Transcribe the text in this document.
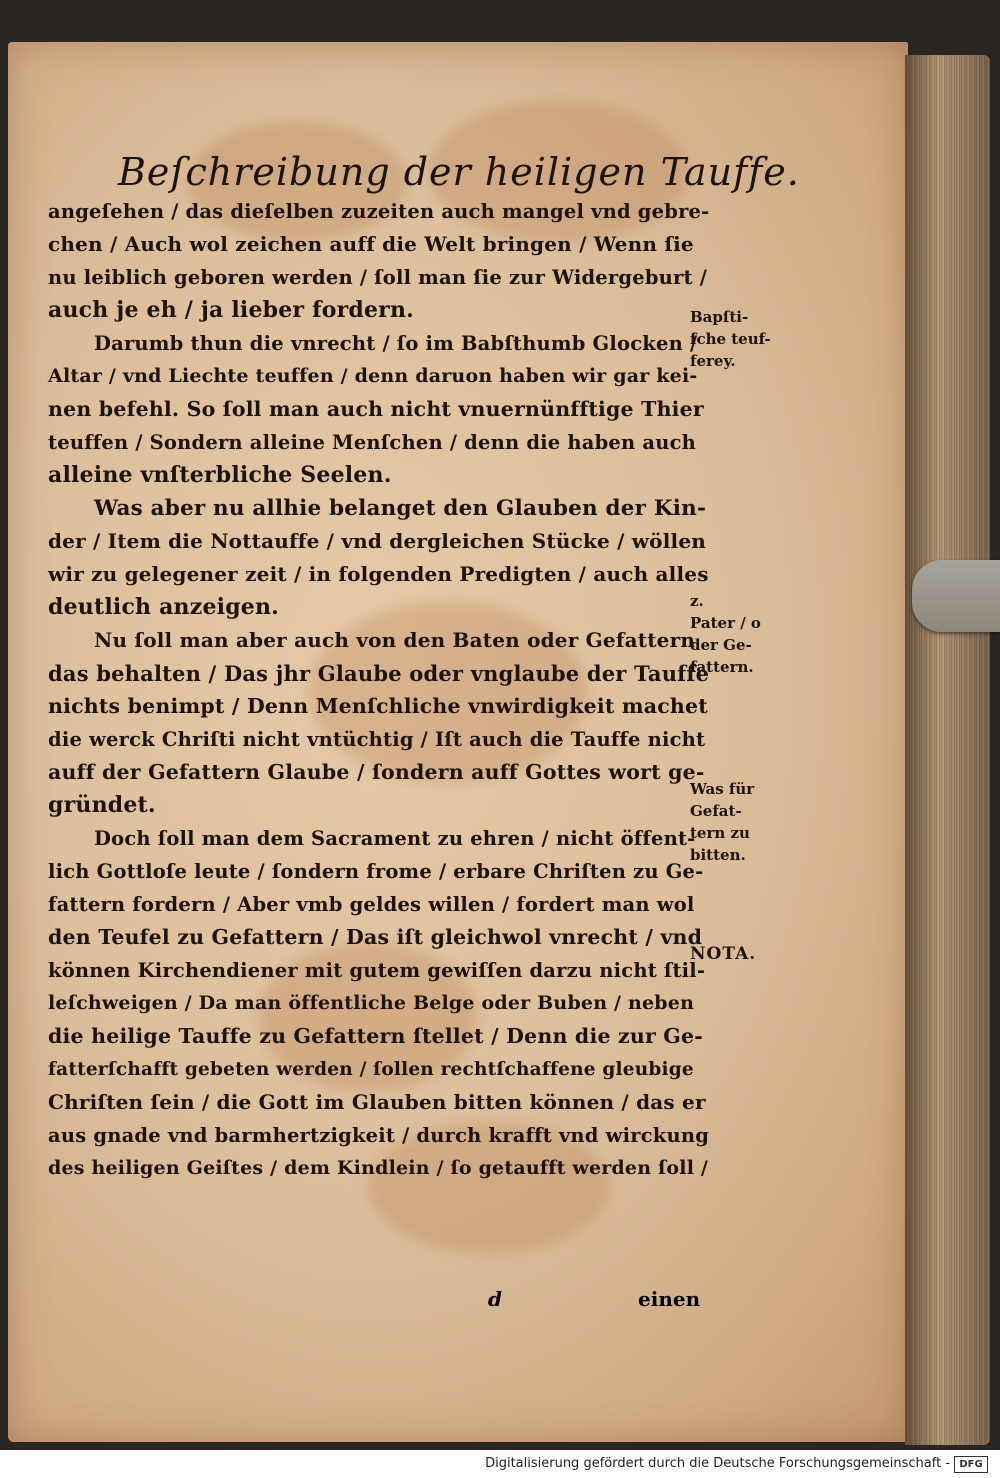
Beſchreibung der heiligen Tauffe.
angeſehen / das dieſelben zuzeiten auch mangel vnd gebre-
chen / Auch wol zeichen auff die Welt bringen / Wenn ſie
nu leiblich geboren werden / ſoll man ſie zur Widergeburt /
auch je eh / ja lieber fordern.
Darumb thun die vnrecht / ſo im Babſthumb Glocken /
Altar / vnd Liechte teuffen / denn daruon haben wir gar kei-
nen befehl. So ſoll man auch nicht vnuernünfftige Thier
teuffen / Sondern alleine Menſchen / denn die haben auch
alleine vnſterbliche Seelen.
Was aber nu allhie belanget den Glauben der Kin-
der / Item die Nottauffe / vnd dergleichen Stücke / wöllen
wir zu gelegener zeit / in folgenden Predigten / auch alles
deutlich anzeigen.
Nu ſoll man aber auch von den Baten oder Gefattern
das behalten / Das jhr Glaube oder vnglaube der Tauffe
nichts benimpt / Denn Menſchliche vnwirdigkeit machet
die werck Chriſti nicht vntüchtig / Iſt auch die Tauffe nicht
auff der Gefattern Glaube / ſondern auff Gottes wort ge-
gründet.
Doch ſoll man dem Sacrament zu ehren / nicht öffent-
lich Gottloſe leute / ſondern frome / erbare Chriſten zu Ge-
fattern fordern / Aber vmb geldes willen / fordert man wol
den Teufel zu Gefattern / Das iſt gleichwol vnrecht / vnd
können Kirchendiener mit gutem gewiſſen darzu nicht ſtil-
leſchweigen / Da man öffentliche Belge oder Buben / neben
die heilige Tauffe zu Gefattern ſtellet / Denn die zur Ge-
fatterſchafft gebeten werden / ſollen rechtſchaffene gleubige
Chriſten ſein / die Gott im Glauben bitten können / das er
aus gnade vnd barmhertzigkeit / durch krafft vnd wirckung
des heiligen Geiſtes / dem Kindlein / ſo getaufft werden ſoll /
Bapſti-
ſche teuf-
ferey.
z.
Pater / o
der Ge-
fattern.
Was für
Gefat-
tern zu
bitten.
NOTA.
d	einen
Digitalisierung gefördert durch die Deutsche Forschungsgemeinschaft - DFG
